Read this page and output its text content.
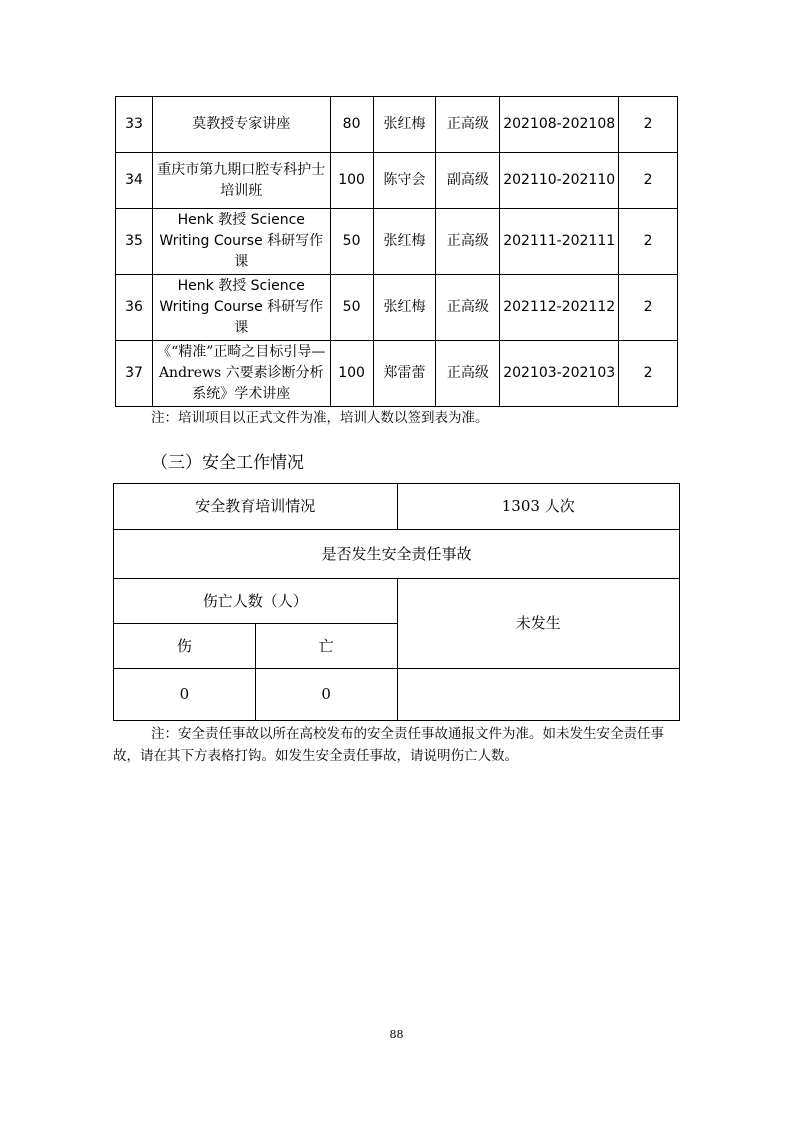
33	莫教授专家讲座	80	张红梅	正高级	202108-202108	2
34	重庆市第九期口腔专科护士培训班	100	陈守会	副高级	202110-202110	2
35	Henk 教授 Science Writing Course 科研写作课	50	张红梅	正高级	202111-202111	2
36	Henk 教授 Science Writing Course 科研写作课	50	张红梅	正高级	202112-202112	2
37	《“精准”正畸之目标引导—Andrews 六要素诊断分析系统》学术讲座	100	郑雷蕾	正高级	202103-202103	2
注：培训项目以正式文件为准，培训人数以签到表为准。
（三）安全工作情况
安全教育培训情况		1303 人次
是否发生安全责任事故		
伤亡人数（人）		未发生
伤	亡	
0	0	
注：安全责任事故以所在高校发布的安全责任事故通报文件为准。如未发生安全责任事故，请在其下方表格打钩。如发生安全责任事故，请说明伤亡人数。
88
